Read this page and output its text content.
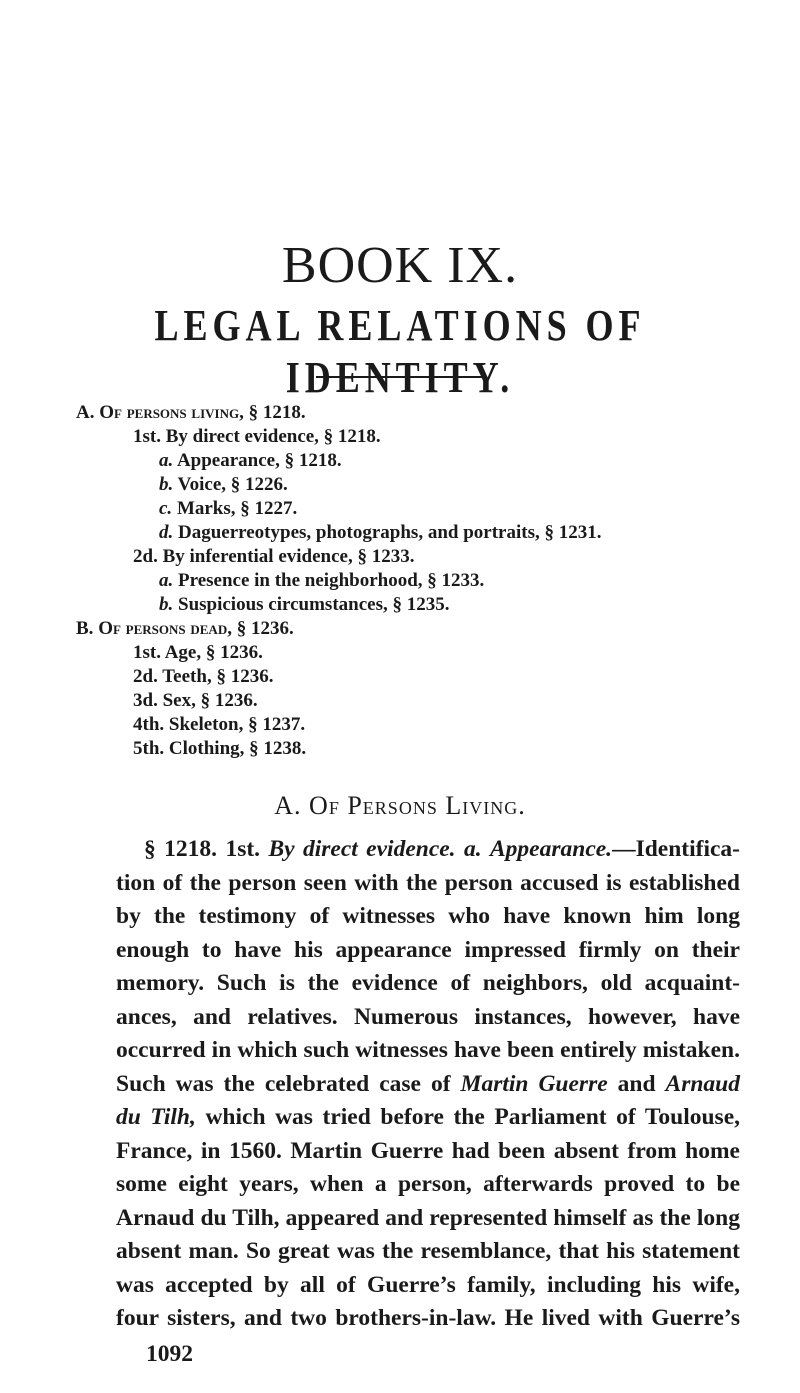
BOOK IX.
LEGAL RELATIONS OF IDENTITY.
A. Of persons living, § 1218.
1st. By direct evidence, § 1218.
a. Appearance, § 1218.
b. Voice, § 1226.
c. Marks, § 1227.
d. Daguerreotypes, photographs, and portraits, § 1231.
2d. By inferential evidence, § 1233.
a. Presence in the neighborhood, § 1233.
b. Suspicious circumstances, § 1235.
B. Of persons dead, § 1236.
1st. Age, § 1236.
2d. Teeth, § 1236.
3d. Sex, § 1236.
4th. Skeleton, § 1237.
5th. Clothing, § 1238.
A. Of Persons Living.
§ 1218. 1st. By direct evidence. a. Appearance.—Identifica-
tion of the person seen with the person accused is established
by the testimony of witnesses who have known him long
enough to have his appearance impressed firmly on their
memory. Such is the evidence of neighbors, old acquaint-
ances, and relatives. Numerous instances, however, have
occurred in which such witnesses have been entirely mistaken.
Such was the celebrated case of Martin Guerre and Arnaud
du Tilh, which was tried before the Parliament of Toulouse,
France, in 1560. Martin Guerre had been absent from home
some eight years, when a person, afterwards proved to be
Arnaud du Tilh, appeared and represented himself as the long
absent man. So great was the resemblance, that his statement
was accepted by all of Guerre’s family, including his wife,
four sisters, and two brothers-in-law. He lived with Guerre’s
1092
